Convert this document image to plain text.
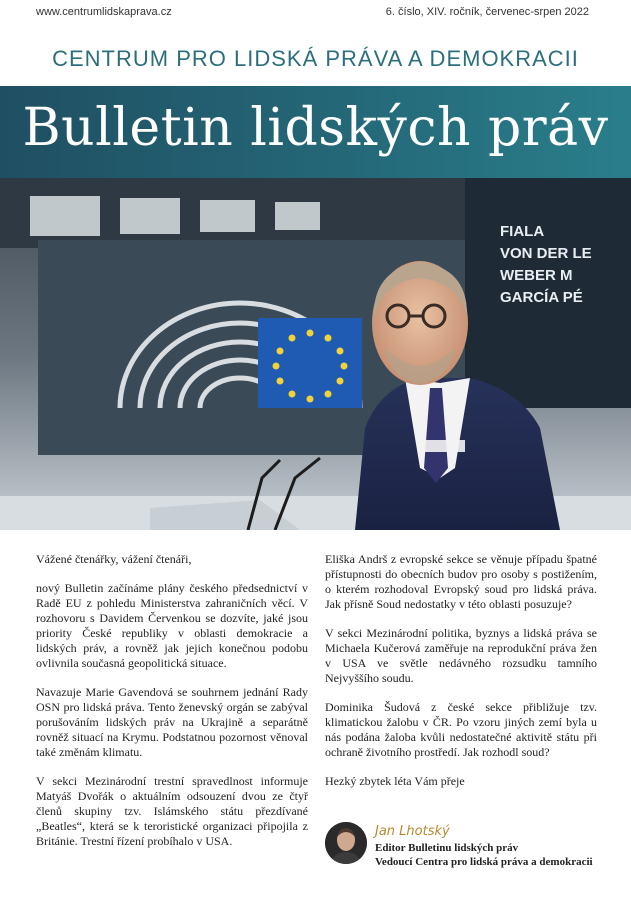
www.centrumlidskaprava.cz	6. číslo, XIV. ročník, červenec-srpen 2022
CENTRUM PRO LIDSKÁ PRÁVA A DEMOKRACII
Bulletin lidských práv
FIALA
VON DER LE
WEBER M
GARCÍA PÉ

Vážené čtenářky, vážení čtenáři,

nový Bulletin začínáme plány českého předsednictví v Radě EU z pohledu Ministerstva zahraničních věcí. V rozhovoru s Davidem Červenkou se dozvíte, jaké jsou priority České republiky v oblasti demokracie a lidských práv, a rovněž jak jejich konečnou podobu ovlivnila současná geopolitická situace.

Navazuje Marie Gavendová se souhrnem jednání Rady OSN pro lidská práva. Tento ženevský orgán se zabýval porušováním lidských práv na Ukrajině a separátně rovněž situací na Krymu. Podstatnou pozornost věnoval také změnám klimatu.

V sekci Mezinárodní trestní spravedlnost informuje Matyáš Dvořák o aktuálním odsouzení dvou ze čtyř členů skupiny tzv. Islámského státu přezdívané „Beatles“, která se k teroristické organizaci připojila z Británie. Trestní řízení probíhalo v USA.

Eliška Andrš z evropské sekce se věnuje případu špatné přístupnosti do obecních budov pro osoby s postižením, o kterém rozhodoval Evropský soud pro lidská práva. Jak přísně Soud nedostatky v této oblasti posuzuje?

V sekci Mezinárodní politika, byznys a lidská práva se Michaela Kučerová zaměřuje na reprodukční práva žen v USA ve světle nedávného rozsudku tamního Nejvyššího soudu.

Dominika Šudová z české sekce přibližuje tzv. klimatickou žalobu v ČR. Po vzoru jiných zemí byla u nás podána žaloba kvůli nedostatečné aktivitě státu při ochraně životního prostředí. Jak rozhodl soud?

Hezký zbytek léta Vám přeje

Jan Lhotský
Editor Bulletinu lidských práv
Vedoucí Centra pro lidská práva a demokracii
